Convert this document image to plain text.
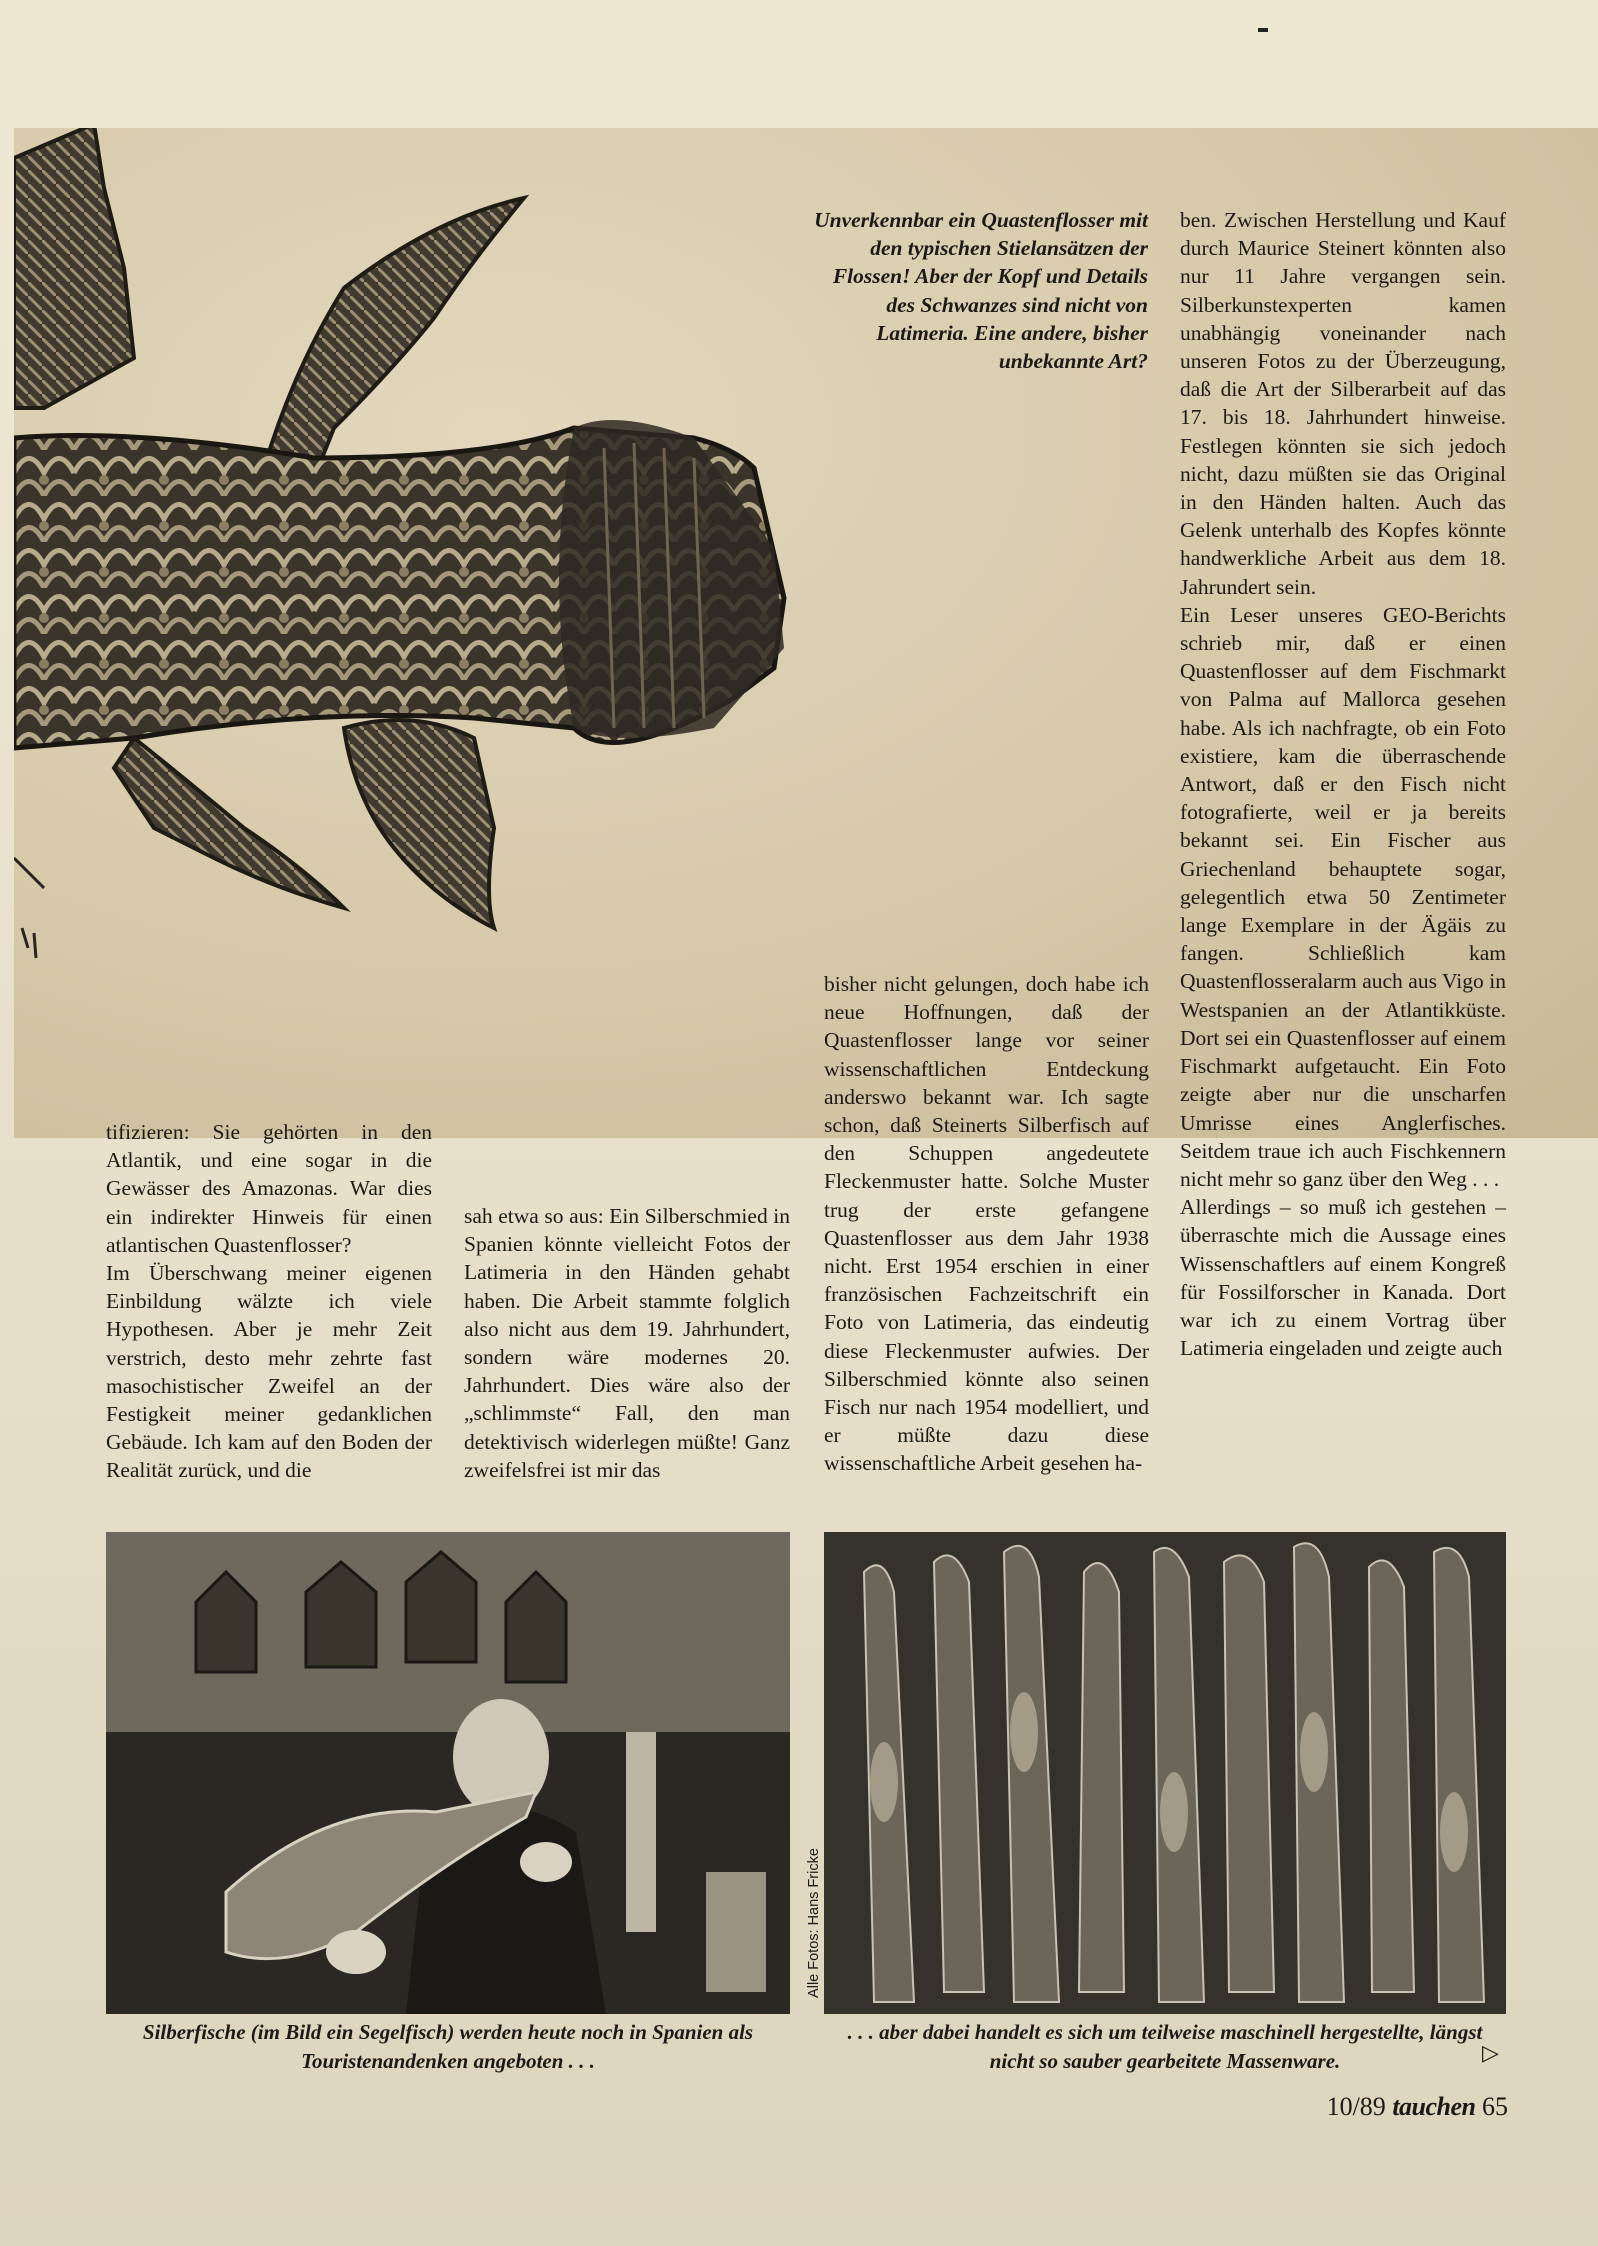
Unverkennbar ein Quastenflosser mit den typischen Stielansätzen der Flossen! Aber der Kopf und Details des Schwanzes sind nicht von Latimeria. Eine andere, bisher unbekannte Art?

ben. Zwischen Herstellung und Kauf durch Maurice Steinert könnten also nur 11 Jahre vergangen sein. Silberkunstexperten kamen unabhängig voneinander nach unseren Fotos zu der Überzeugung, daß die Art der Silberarbeit auf das 17. bis 18. Jahrhundert hinweise. Festlegen könnten sie sich jedoch nicht, dazu müßten sie das Original in den Händen halten. Auch das Gelenk unterhalb des Kopfes könnte handwerkliche Arbeit aus dem 18. Jahrundert sein.

Ein Leser unseres GEO-Berichts schrieb mir, daß er einen Quastenflosser auf dem Fischmarkt von Palma auf Mallorca gesehen habe. Als ich nachfragte, ob ein Foto existiere, kam die überraschende Antwort, daß er den Fisch nicht fotografierte, weil er ja bereits bekannt sei. Ein Fischer aus Griechenland behauptete sogar, gelegentlich etwa 50 Zentimeter lange Exemplare in der Ägäis zu fangen. Schließlich kam Quastenflosseralarm auch aus Vigo in Westspanien an der Atlantikküste. Dort sei ein Quastenflosser auf einem Fischmarkt aufgetaucht. Ein Foto zeigte aber nur die unscharfen Umrisse eines Anglerfisches. Seitdem traue ich auch Fischkennern nicht mehr so ganz über den Weg . . .

Allerdings – so muß ich gestehen – überraschte mich die Aussage eines Wissenschaftlers auf einem Kongreß für Fossilforscher in Kanada. Dort war ich zu einem Vortrag über Latimeria eingeladen und zeigte auch

bisher nicht gelungen, doch habe ich neue Hoffnungen, daß der Quastenflosser lange vor seiner wissenschaftlichen Entdeckung anderswo bekannt war. Ich sagte schon, daß Steinerts Silberfisch auf den Schuppen angedeutete Fleckenmuster hatte. Solche Muster trug der erste gefangene Quastenflosser aus dem Jahr 1938 nicht. Erst 1954 erschien in einer französischen Fachzeitschrift ein Foto von Latimeria, das eindeutig diese Fleckenmuster aufwies. Der Silberschmied könnte also seinen Fisch nur nach 1954 modelliert, und er müßte dazu diese wissenschaftliche Arbeit gesehen ha-

sah etwa so aus: Ein Silberschmied in Spanien könnte vielleicht Fotos der Latimeria in den Händen gehabt haben. Die Arbeit stammte folglich also nicht aus dem 19. Jahrhundert, sondern wäre modernes 20. Jahrhundert. Dies wäre also der „schlimmste“ Fall, den man detektivisch widerlegen müßte! Ganz zweifelsfrei ist mir das

tifizieren: Sie gehörten in den Atlantik, und eine sogar in die Gewässer des Amazonas. War dies ein indirekter Hinweis für einen atlantischen Quastenflosser?

Im Überschwang meiner eigenen Einbildung wälzte ich viele Hypothesen. Aber je mehr Zeit verstrich, desto mehr zehrte fast masochistischer Zweifel an der Festigkeit meiner gedanklichen Gebäude. Ich kam auf den Boden der Realität zurück, und die

Alle Fotos: Hans Fricke
Silberfische (im Bild ein Segelfisch) werden heute noch in Spanien als Touristenandenken angeboten . . .
. . . aber dabei handelt es sich um teilweise maschinell hergestellte, längst nicht so sauber gearbeitete Massenware.	▷
10/89 tauchen 65
